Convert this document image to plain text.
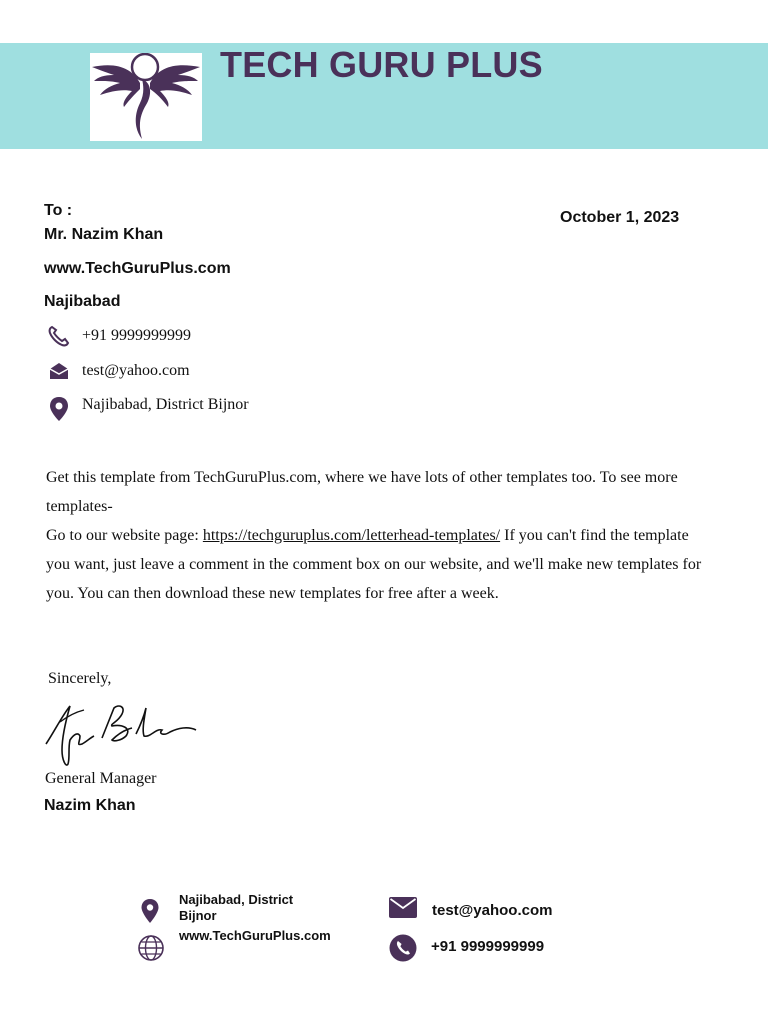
TECH GURU PLUS
To :
Mr. Nazim Khan
www.TechGuruPlus.com
Najibabad
October 1, 2023
+91 9999999999
test@yahoo.com
Najibabad, District Bijnor

Get this template from TechGuruPlus.com, where we have lots of other templates too. To see more templates-

Go to our website page: https://techguruplus.com/letterhead-templates/ If you can't find the template you want, just leave a comment in the comment box on our website, and we'll make new templates for you. You can then download these new templates for free after a week.

Sincerely,
General Manager
Nazim Khan
Najibabad, District Bijnor
www.TechGuruPlus.com
test@yahoo.com
+91 9999999999
